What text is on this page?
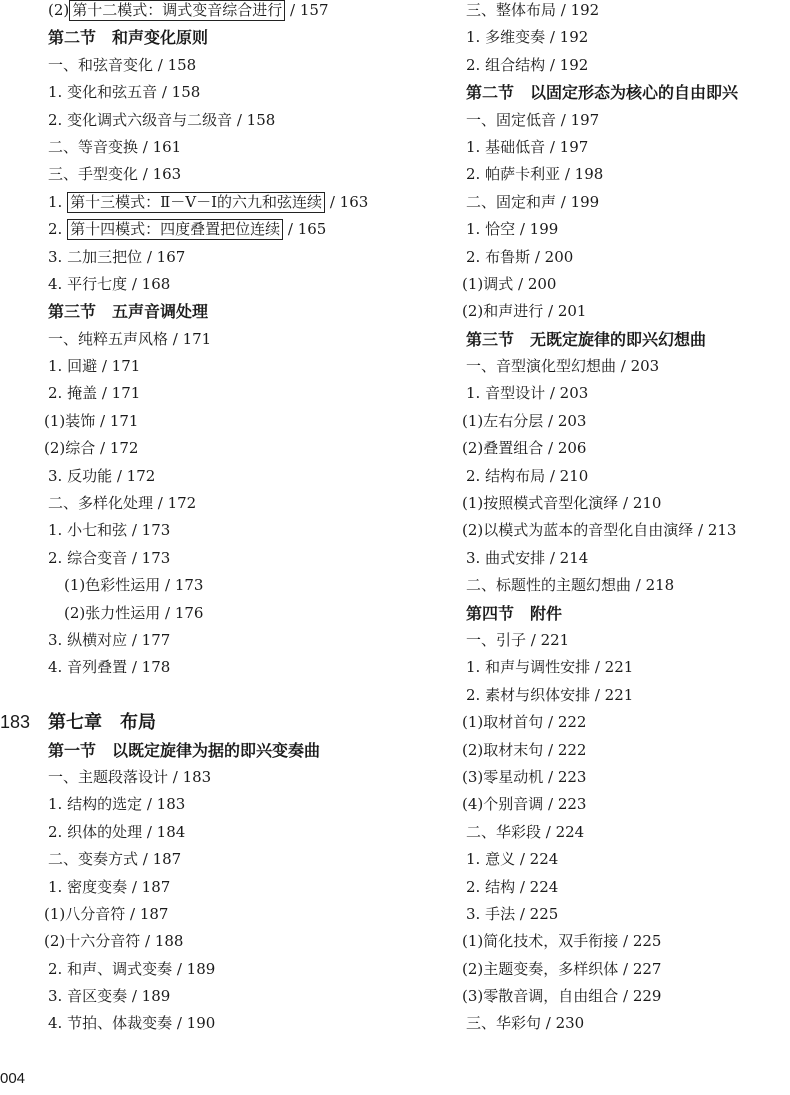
(2) 第十二模式：调式变音综合进行 / 157
第二节　和声变化原则
一、和弦音变化 / 158
1. 变化和弦五音 / 158
2. 变化调式六级音与二级音 / 158
二、等音变换 / 161
三、手型变化 / 163
1. 第十三模式：Ⅱ－Ⅴ－Ⅰ的六九和弦连续 / 163
2. 第十四模式：四度叠置把位连续 / 165
3. 二加三把位 / 167
4. 平行七度 / 168
第三节　五声音调处理
一、纯粹五声风格 / 171
1. 回避 / 171
2. 掩盖 / 171
(1)装饰 / 171
(2)综合 / 172
3. 反功能 / 172
二、多样化处理 / 172
1. 小七和弦 / 173
2. 综合变音 / 173
(1)色彩性运用 / 173
(2)张力性运用 / 176
3. 纵横对应 / 177
4. 音列叠置 / 178
183 第七章　布局
第一节　以既定旋律为据的即兴变奏曲
一、主题段落设计 / 183
1. 结构的选定 / 183
2. 织体的处理 / 184
二、变奏方式 / 187
1. 密度变奏 / 187
(1)八分音符 / 187
(2)十六分音符 / 188
2. 和声、调式变奏 / 189
3. 音区变奏 / 189
4. 节拍、体裁变奏 / 190
三、整体布局 / 192
1. 多维变奏 / 192
2. 组合结构 / 192
第二节　以固定形态为核心的自由即兴
一、固定低音 / 197
1. 基础低音 / 197
2. 帕萨卡利亚 / 198
二、固定和声 / 199
1. 恰空 / 199
2. 布鲁斯 / 200
(1)调式 / 200
(2)和声进行 / 201
第三节　无既定旋律的即兴幻想曲
一、音型演化型幻想曲 / 203
1. 音型设计 / 203
(1)左右分层 / 203
(2)叠置组合 / 206
2. 结构布局 / 210
(1)按照模式音型化演绎 / 210
(2)以模式为蓝本的音型化自由演绎 / 213
3. 曲式安排 / 214
二、标题性的主题幻想曲 / 218
第四节　附件
一、引子 / 221
1. 和声与调性安排 / 221
2. 素材与织体安排 / 221
(1)取材首句 / 222
(2)取材末句 / 222
(3)零星动机 / 223
(4)个别音调 / 223
二、华彩段 / 224
1. 意义 / 224
2. 结构 / 224
3. 手法 / 225
(1)简化技术，双手衔接 / 225
(2)主题变奏，多样织体 / 227
(3)零散音调，自由组合 / 229
三、华彩句 / 230
004
